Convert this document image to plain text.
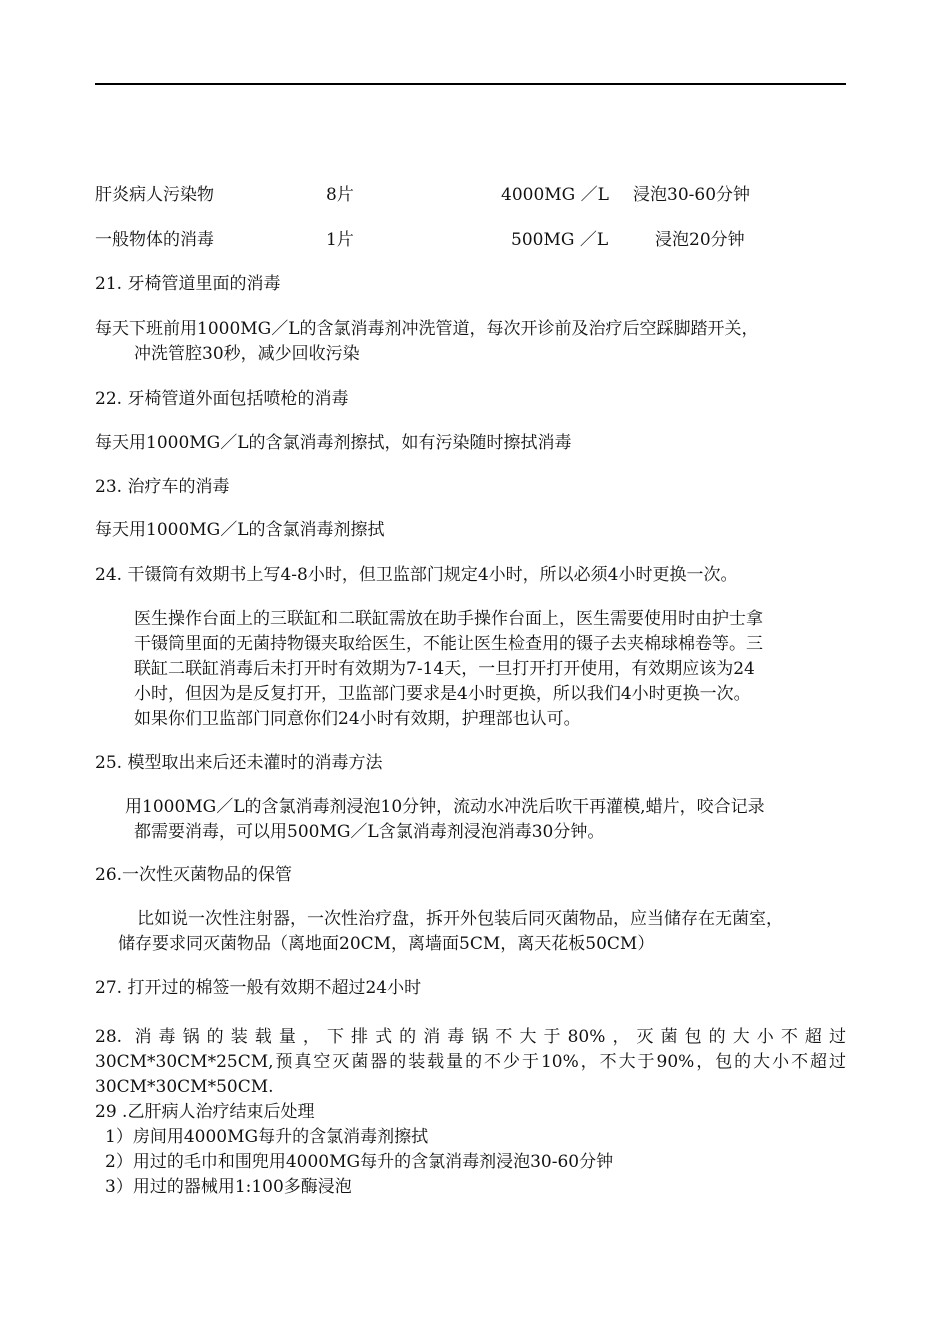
肝炎病人污染物	8片	4000MG ／L 浸泡30-60分钟
一般物体的消毒	1片	500MG ／L	浸泡20分钟
21. 牙椅管道里面的消毒
每天下班前用1000MG／L的含氯消毒剂冲洗管道，每次开诊前及治疗后空踩脚踏开关，
冲洗管腔30秒，减少回收污染
22. 牙椅管道外面包括喷枪的消毒
每天用1000MG／L的含氯消毒剂擦拭，如有污染随时擦拭消毒
23. 治疗车的消毒
每天用1000MG／L的含氯消毒剂擦拭
24. 干镊筒有效期书上写4-8小时，但卫监部门规定4小时，所以必须4小时更换一次。
医生操作台面上的三联缸和二联缸需放在助手操作台面上，医生需要使用时由护士拿
干镊筒里面的无菌持物镊夹取给医生，不能让医生检查用的镊子去夹棉球棉卷等。三
联缸二联缸消毒后未打开时有效期为7-14天，一旦打开打开使用，有效期应该为24
小时，但因为是反复打开，卫监部门要求是4小时更换，所以我们4小时更换一次。
如果你们卫监部门同意你们24小时有效期，护理部也认可。
25. 模型取出来后还未灌时的消毒方法
用1000MG／L的含氯消毒剂浸泡10分钟，流动水冲洗后吹干再灌模,蜡片，咬合记录
都需要消毒，可以用500MG／L含氯消毒剂浸泡消毒30分钟。
26.一次性灭菌物品的保管
比如说一次性注射器，一次性治疗盘，拆开外包装后同灭菌物品，应当储存在无菌室，
储存要求同灭菌物品（离地面20CM，离墙面5CM，离天花板50CM）
27. 打开过的棉签一般有效期不超过24小时
28. 消毒锅的装载量，下排式的消毒锅不大于80%，灭菌包的大小不超过
30CM*30CM*25CM,预真空灭菌器的装载量的不少于10%，不大于90%，包的大小不超过
30CM*30CM*50CM.
29 .乙肝病人治疗结束后处理
1）房间用4000MG每升的含氯消毒剂擦拭
2）用过的毛巾和围兜用4000MG每升的含氯消毒剂浸泡30-60分钟
3）用过的器械用1:100多酶浸泡
